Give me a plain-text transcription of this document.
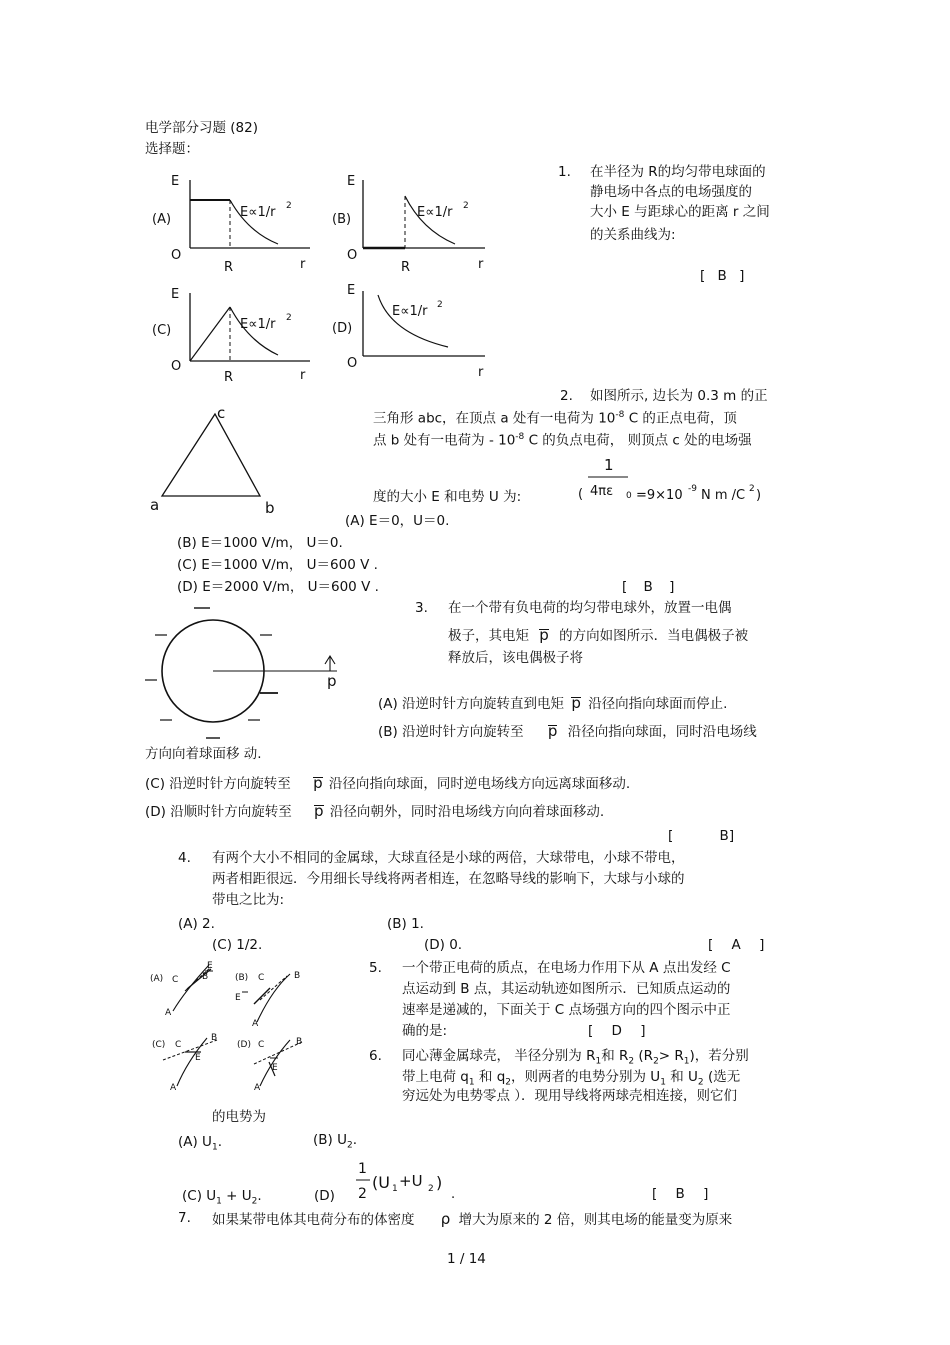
电学部分习题 (82)
选择题：
E
(A)
O
R	r
E∝1/r 2
E
(B)
O
R	r
E∝1/r 2
E
(C)
O
R	r
E∝1/r 2
E
(D)
O
r
E∝1/r 2
1. 在半径为 R的均匀带电球面的
静电场中各点的电场强度的
大小 E 与距球心的距离 r 之间
的关系曲线为:
[ B ]
2. 如图所示, 边长为 0.3 m 的正
三角形 abc，在顶点 a 处有一电荷为 $10^{-8}$ C 的正点电荷，顶
点 b 处有一电荷为 - $10^{-8}$ C 的负点电荷， 则顶点 c 处的电场强
度的大小 E 和电势 U 为:	(
1
4πε 0 =9×10 -9 N m /C 2 )
c
a	b
(A) E＝0，U＝0.
(B) E＝1000 V/m， U＝0.
(C) E＝1000 V/m， U＝600 V .
(D) E＝2000 V/m， U＝600 V .	[ B ]
p
3. 在一个带有负电荷的均匀带电球外，放置一电偶
极子，其电矩 p 的方向如图所示．当电偶极子被
释放后，该电偶极子将
(A) 沿逆时针方向旋转直到电矩 p 沿径向指向球面而停止.
(B) 沿逆时针方向旋转至 p 沿径向指向球面，同时沿电场线
方向向着球面移 动.
(C) 沿逆时针方向旋转至 p 沿径向指向球面，同时逆电场线方向远离球面移动.
(D) 沿顺时针方向旋转至 p 沿径向朝外，同时沿电场线方向向着球面移动.
[ B]
4. 有两个大小不相同的金属球，大球直径是小球的两倍，大球带电，小球不带电，
两者相距很远．今用细长导线将两者相连，在忽略导线的影响下，大球与小球的
带电之比为:
(A) 2.	(B) 1.
(C) 1/2.	(D) 0.	[ A ]
(A) C	B
E
A
(B) C	B
E
A
(C) C
B
E
A
(D) C	B
E
A
5. 一个带正电荷的质点，在电场力作用下从 A 点出发经 C
点运动到 B 点，其运动轨迹如图所示．已知质点运动的
速率是递减的，下面关于 C 点场强方向的四个图示中正
确的是:	[ D ]
6. 同心薄金属球壳， 半径分别为 $R_1$和 $R_2$ $(R_2> R_1)$，若分别
带上电荷 $q_1$ 和 $q_2$，则两者的电势分别为 $U_1$ 和 $U_2$ (选无
穷远处为电势零点 ）．现用导线将两球壳相连接，则它们
的电势为
(A) $U_1$.	(B) $U_2$.
(C) $U_1 + U_2$.	(D)
1
2
(U 1 +U 2 )
.	[ B ]
7. 如果某带电体其电荷分布的体密度 ρ 增大为原来的 2 倍，则其电场的能量变为原来
1 / 14
